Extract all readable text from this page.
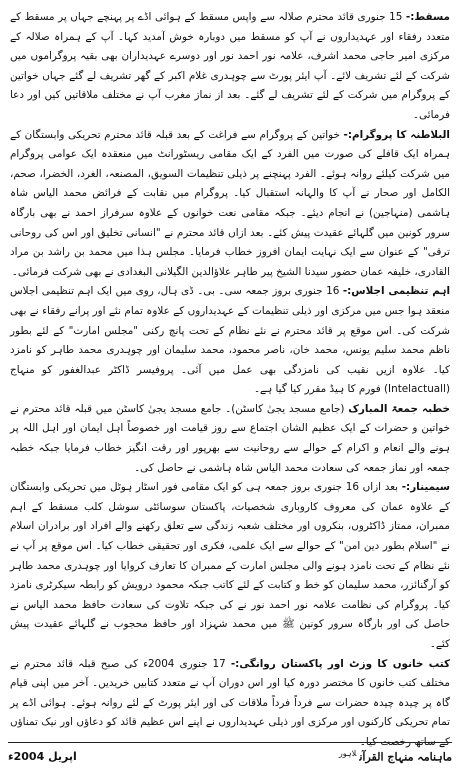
مسقط:- 15 جنوری قائد محترم صلالہ سے واپس مسقط کے ہوائی اڈے پر پہنچے جہاں پر مسقط کے متعدد رفقاء اور عہدیداروں نے آپ کو مسقط میں دوبارہ خوش آمدید کہا۔ آپ کے ہمراہ صلالہ کے مرکزی امیر حاجی محمد اشرف، علامہ نور احمد نور اور دوسرے عہدیداران بھی بقیہ پروگراموں میں شرکت کے لئے تشریف لائے۔ آپ ایئر پورٹ سے چوہدری غلام اکبر کے گھر تشریف لے گئے جہاں خواتین کے پروگرام میں شرکت کے لئے تشریف لے گئے۔ بعد از نماز مغرب آپ نے مختلف ملاقاتیں کیں اور دعا فرمائی۔

البلاطنہ کا پروگرام:- خواتین کے پروگرام سے فراغت کے بعد قبلہ قائد محترم تحریکی وابستگان کے ہمراہ ایک قافلے کی صورت میں الفرد کے ایک مقامی ریسٹورانٹ میں منعقدہ ایک عوامی پروگرام میں شرکت کیلئے روانہ ہوئے۔ الفرد پہنچنے پر ذیلی تنظیمات السویق، المصنعہ، الغرد، الخضرا، صحم، الکامل اور صحار نے آپ کا والہانہ استقبال کیا۔ پروگرام میں نقابت کے فرائض محمد الیاس شاہ ہاشمی (منہاجین) نے انجام دیئے۔ جبکہ مقامی نعت خوانوں کے علاوہ سرفراز احمد نے بھی بارگاہ سرور کونین میں گلہائے عقیدت پیش کئے۔ بعد ازاں قائد محترم نے "انسانی تخلیق اور اس کی روحانی ترقی" کے عنوان سے ایک نہایت ایمان افروز خطاب فرمایا۔ مجلس ہذا میں محمد بن راشد بن مراد القادری، خلیفہ عمان حضور سیدنا الشیخ پیر طاہر علاؤالدین الگیلانی البغدادی نے بھی شرکت فرمائی۔

اہم تنظیمی اجلاس:- 16 جنوری بروز جمعہ سی۔ بی۔ ڈی ہال، روی میں ایک اہم تنظیمی اجلاس منعقد ہوا جس میں مرکزی اور ذیلی تنظیمات کے عہدیداروں کے علاوہ تمام نئے اور پرانے رفقاء نے بھی شرکت کی۔ اس موقع پر قائد محترم نے نئے نظام کے تحت پانچ رکنی "مجلس امارت" کے لئے بطور ناظم محمد سلیم یونس، محمد خان، ناصر محمود، محمد سلیمان اور چوہدری محمد طاہر کو نامزد کیا۔ علاوہ ازیں نقیب کی نامزدگی بھی عمل میں آئی۔ پروفیسر ڈاکٹر عبدالغفور کو منہاج (Intelactuall) فورم کا ہیڈ مقرر کیا گیا ہے۔

خطبہ جمعۃ المبارک (جامع مسجد یجیٰ کاسٹن)۔ جامع مسجد یجیٰ کاسٹن میں قبلہ قائد محترم نے خواتین و حضرات کے ایک عظیم الشان اجتماع سے روز قیامت اور خصوصاً اہل ایمان اور اہل اللہ پر ہونے والے انعام و اکرام کے حوالے سے روحانیت سے بھرپور اور رقت انگیز خطاب فرمایا جبکہ خطبہ جمعہ اور نماز جمعہ کی سعادت محمد الیاس شاہ ہاشمی نے حاصل کی۔

سیمینار:- بعد ازاں 16 جنوری بروز جمعہ ہی کو ایک مقامی فور اسٹار ہوٹل میں تحریکی وابستگان کے علاوہ عمان کی معروف کاروباری شخصیات، پاکستان سوسائٹی سوشل کلب مسقط کے اہم ممبران، ممتاز ڈاکٹروں، بنکروں اور مختلف شعبہ زندگی سے تعلق رکھنے والے افراد اور برادران اسلام نے "اسلام بطور دین امن" کے حوالے سے ایک علمی، فکری اور تحقیقی خطاب کیا۔ اس موقع پر آپ نے نئے نظام کے تحت نامزد ہونے والی مجلس امارت کے ممبران کا تعارف کروایا اور چوہدری محمد طاہر کو آرگنائزر، محمد سلیمان کو خط و کتابت کے لئے کاتب جبکہ محمود درویش کو رابطہ سیکرٹری نامزد کیا۔ پروگرام کی نظامت علامہ نور احمد نور نے کی جبکہ تلاوت کی سعادت حافظ محمد الیاس نے حاصل کی اور بارگاہ سرور کونین ﷺ میں محمد شہزاد اور حافظ محجوب نے گلہائے عقیدت پیش کئے۔

کتب خانوں کا وزٹ اور پاکستان روانگی:- 17 جنوری 2004ء کی صبح قبلہ قائد محترم نے مختلف کتب خانوں کا مختصر دورہ کیا اور اس دوران آپ نے متعدد کتابیں خریدیں۔ آخر میں اپنی قیام گاہ پر چیدہ چیدہ حضرات سے فرداً فرداً ملاقات کی اور ایئر پورٹ کے لئے روانہ ہوئے۔ ہوائی اڈے پر تمام تحریکی کارکنوں اور مرکزی اور ذیلی عہدیداروں نے اپنے اس عظیم قائد کو دعاؤں اور نیک تمناؤں کے ساتھ رخصت کیا۔

ماہنامہ منہاج القرآن$^{لاہور}$
اپریل 2004ء
